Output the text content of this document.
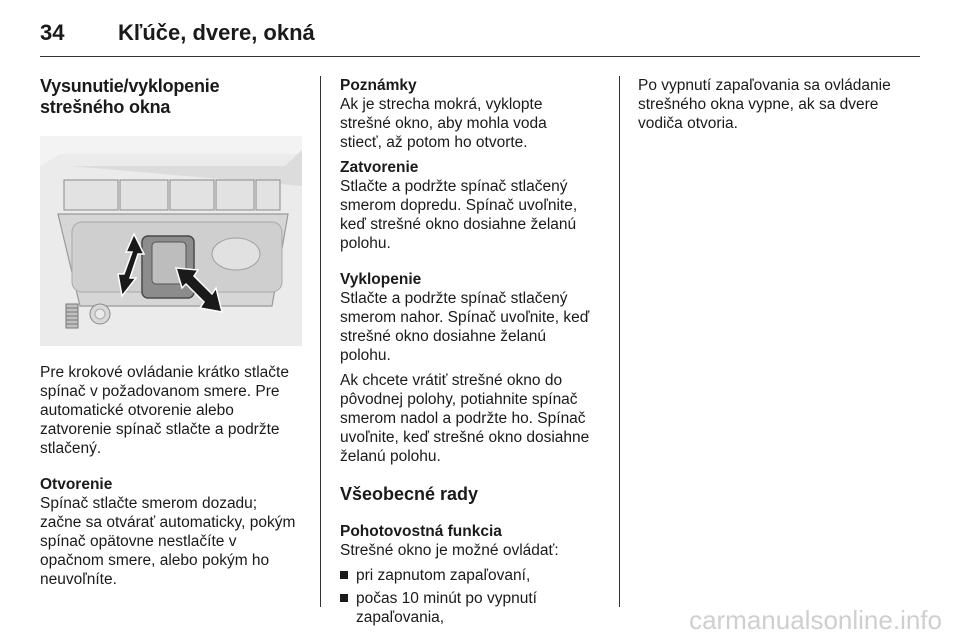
34 Kľúče, dvere, okná
Vysunutie/vyklopenie strešného okna

Pre krokové ovládanie krátko stlačte
spínač v požadovanom smere. Pre
automatické otvorenie alebo
zatvorenie spínač stlačte a podržte
stlačený.

Otvorenie

Spínač stlačte smerom dozadu;
začne sa otvárať automaticky, pokým
spínač opätovne nestlačíte v
opačnom smere, alebo pokým ho
neuvoľníte.

Poznámky

Ak je strecha mokrá, vyklopte
strešné okno, aby mohla voda
stiecť, až potom ho otvorte.

Zatvorenie

Stlačte a podržte spínač stlačený
smerom dopredu. Spínač uvoľnite,
keď strešné okno dosiahne želanú
polohu.

Vyklopenie

Stlačte a podržte spínač stlačený
smerom nahor. Spínač uvoľnite, keď
strešné okno dosiahne želanú
polohu.

Ak chcete vrátiť strešné okno do
pôvodnej polohy, potiahnite spínač
smerom nadol a podržte ho. Spínač
uvoľnite, keď strešné okno dosiahne
želanú polohu.

Všeobecné rady

Pohotovostná funkcia

Strešné okno je možné ovládať:

pri zapnutom zapaľovaní,
počas 10 minút po vypnutí
zapaľovania,

Po vypnutí zapaľovania sa ovládanie
strešného okna vypne, ak sa dvere
vodiča otvoria.

carmanualsonline.info
